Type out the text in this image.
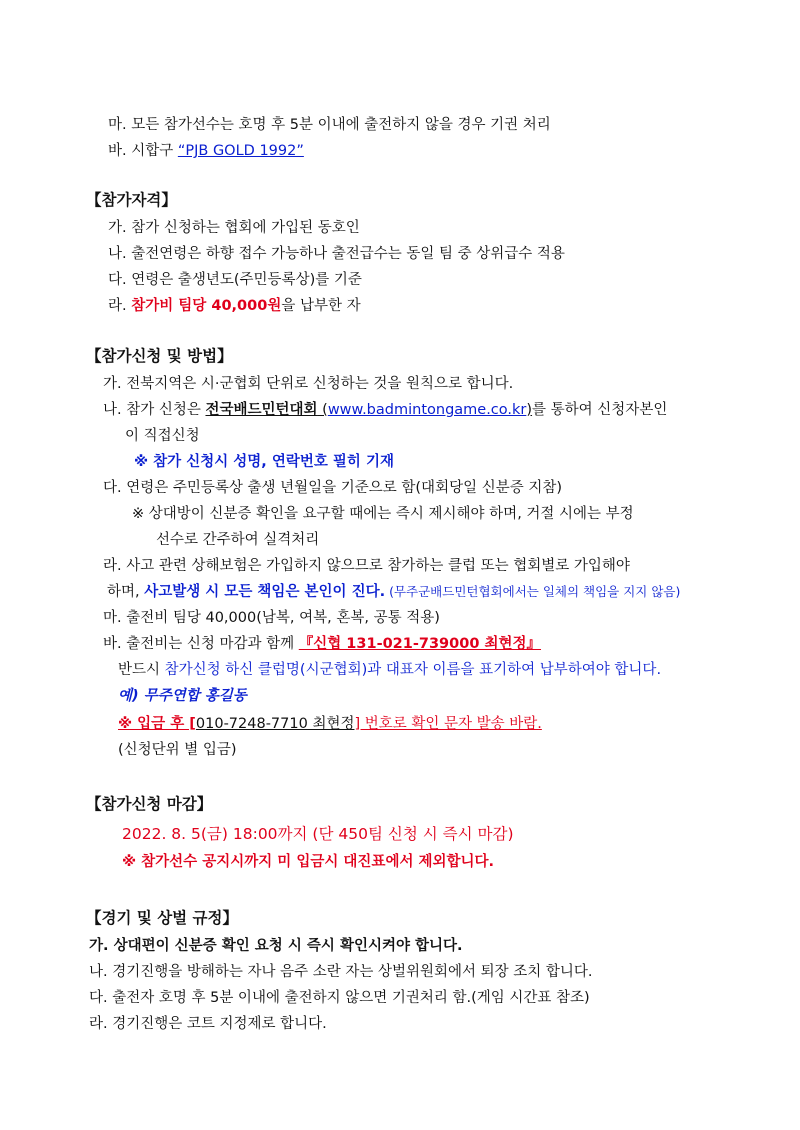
마. 모든 참가선수는 호명 후 5분 이내에 출전하지 않을 경우 기권 처리
바. 시합구 “PJB GOLD 1992”
【참가자격】
가. 참가 신청하는 협회에 가입된 동호인
나. 출전연령은 하향 접수 가능하나 출전급수는 동일 팀 중 상위급수 적용
다. 연령은 출생년도(주민등록상)를 기준
라. 참가비 팀당 40,000원을 납부한 자
【참가신청 및 방법】
가. 전북지역은 시·군협회 단위로 신청하는 것을 원칙으로 합니다.
나. 참가 신청은 전국배드민턴대회 (www.badmintongame.co.kr)를 통하여 신청자본인
이 직접신청
※ 참가 신청시 성명, 연락번호 필히 기재
다. 연령은 주민등록상 출생 년월일을 기준으로 함(대회당일 신분증 지참)
※ 상대방이 신분증 확인을 요구할 때에는 즉시 제시해야 하며, 거절 시에는 부정
선수로 간주하여 실격처리
라. 사고 관련 상해보험은 가입하지 않으므로 참가하는 클럽 또는 협회별로 가입해야
하며, 사고발생 시 모든 책임은 본인이 진다. (무주군배드민턴협회에서는 일체의 책임을 지지 않음)
마. 출전비 팀당 40,000(남복, 여복, 혼복, 공통 적용)
바. 출전비는 신청 마감과 함께 『신협 131-021-739000 최현정』
반드시 참가신청 하신 클럽명(시군협회)과 대표자 이름을 표기하여 납부하여야 합니다.
예) 무주연합 홍길동
※ 입금 후 [010-7248-7710 최현정] 번호로 확인 문자 발송 바람.
(신청단위 별 입금)
【참가신청 마감】
2022. 8. 5(금) 18:00까지 (단 450팀 신청 시 즉시 마감)
※ 참가선수 공지시까지 미 입금시 대진표에서 제외합니다.
【경기 및 상벌 규정】
가. 상대편이 신분증 확인 요청 시 즉시 확인시켜야 합니다.
나. 경기진행을 방해하는 자나 음주 소란 자는 상벌위원회에서 퇴장 조치 합니다.
다. 출전자 호명 후 5분 이내에 출전하지 않으면 기권처리 함.(게임 시간표 참조)
라. 경기진행은 코트 지정제로 합니다.
